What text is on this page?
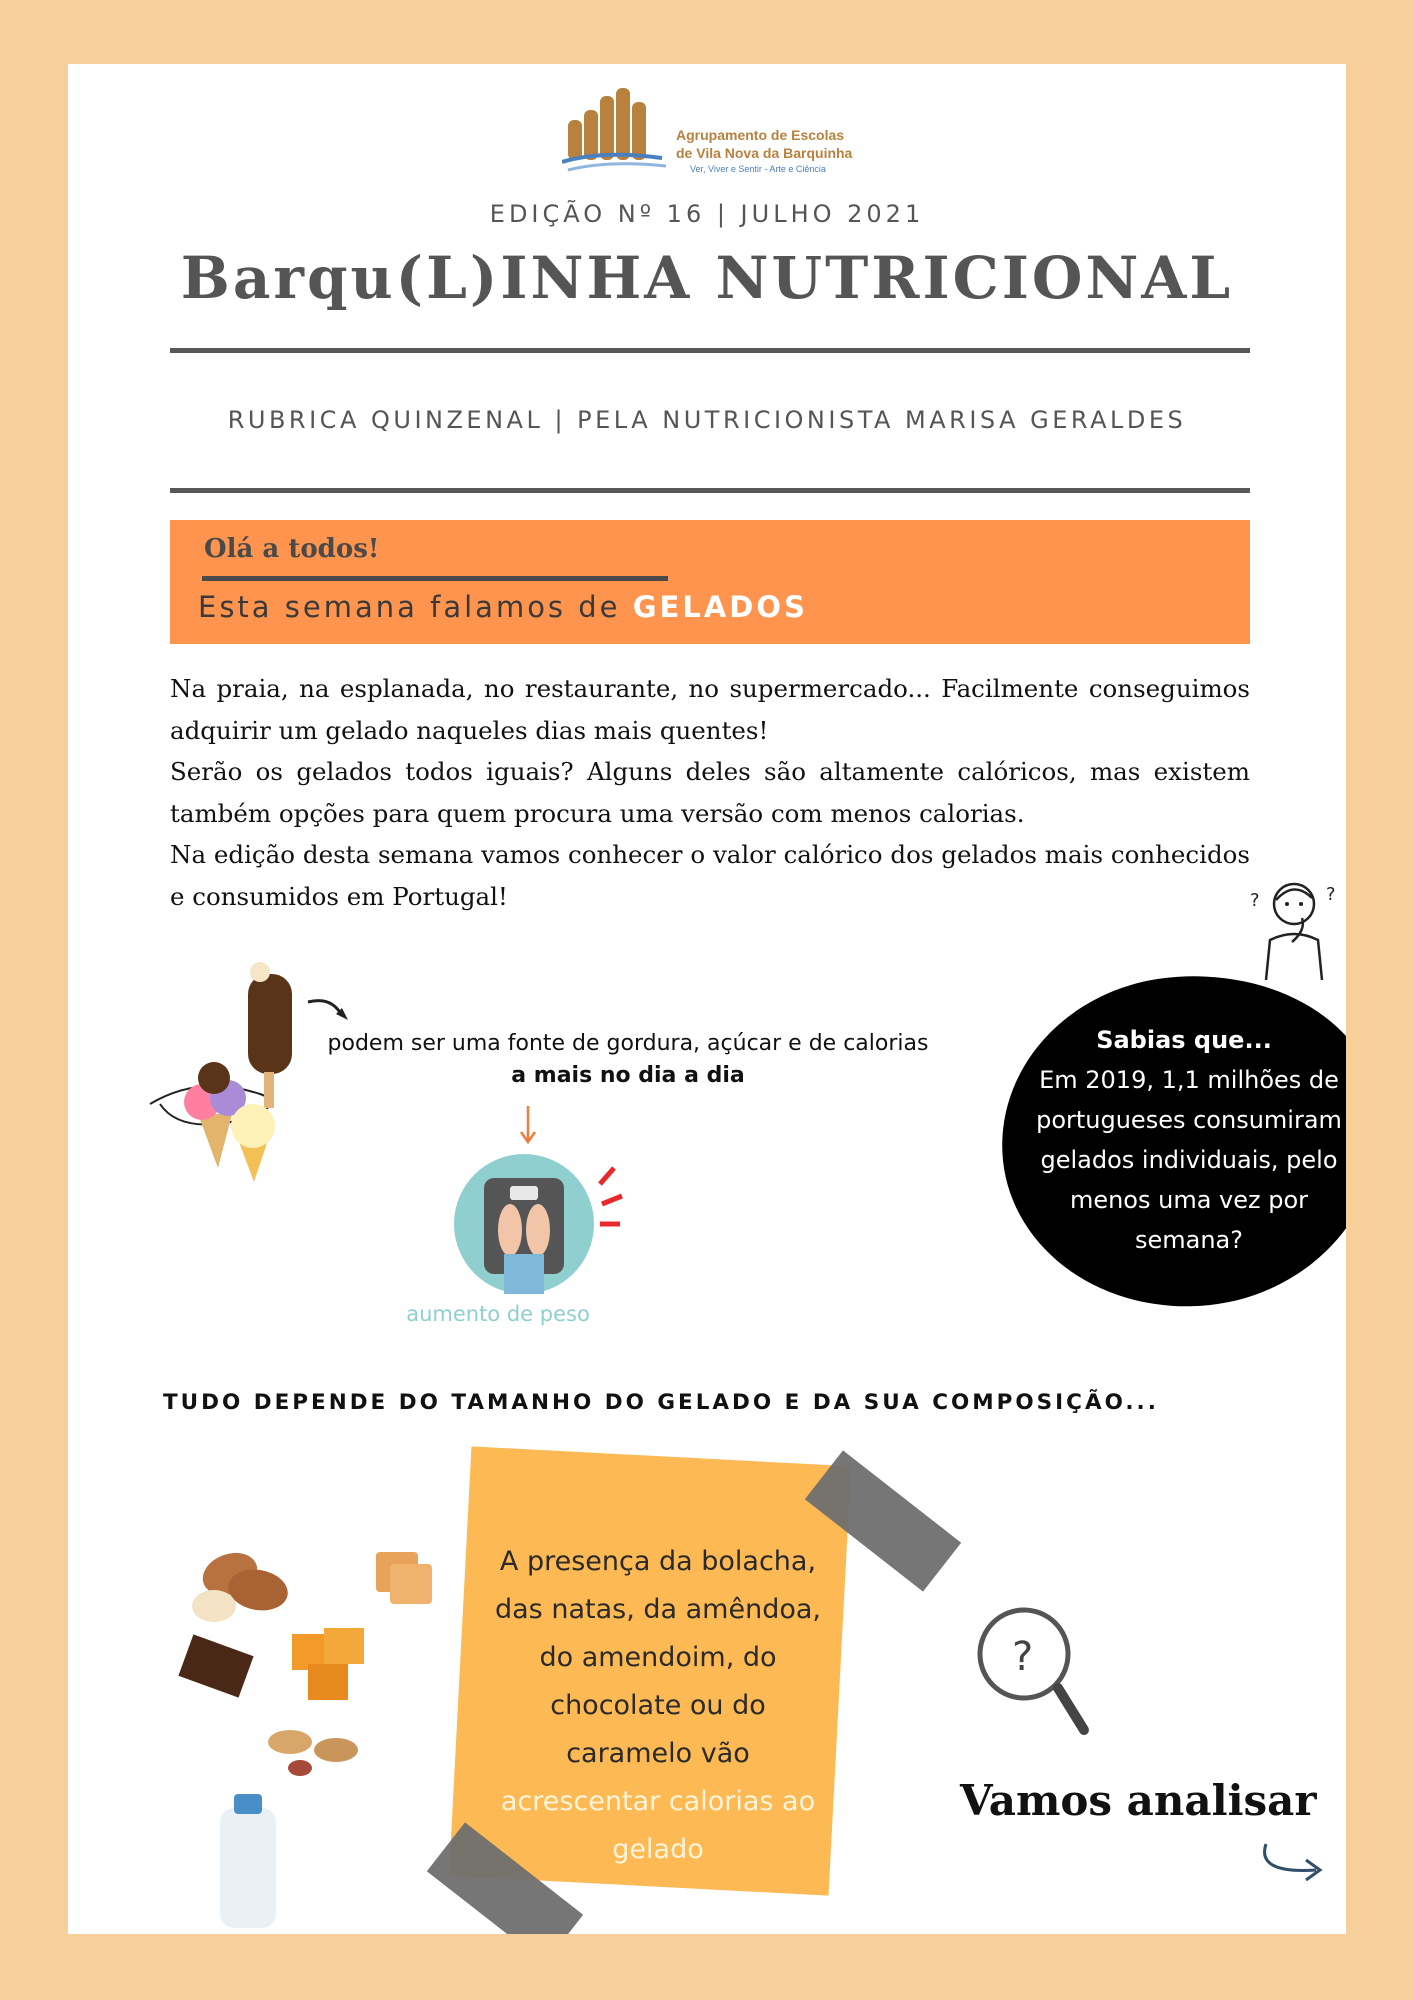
Agrupamento de Escolas
de Vila Nova da Barquinha
Ver, Viver e Sentir - Arte e Ciência
EDIÇÃO Nº 16 | JULHO 2021
Barqu(L)INHA NUTRICIONAL
RUBRICA QUINZENAL | PELA NUTRICIONISTA MARISA GERALDES
Olá a todos!
Esta semana falamos de GELADOS

Na praia, na esplanada, no restaurante, no supermercado... Facilmente conseguimos adquirir um gelado naqueles dias mais quentes!

Serão os gelados todos iguais? Alguns deles são altamente calóricos, mas existem também opções para quem procura uma versão com menos calorias.

Na edição desta semana vamos conhecer o valor calórico dos gelados mais conhecidos e consumidos em Portugal!	?	?
podem ser uma fonte de gordura, açúcar e de calorias
a mais no dia a dia
aumento de peso
Sabias que...
Em 2019, 1,1 milhões de portugueses consumiram gelados individuais, pelo menos uma vez por semana?
TUDO DEPENDE DO TAMANHO DO GELADO E DA SUA COMPOSIÇÃO...
A presença da bolacha, das natas, da amêndoa, do amendoim, do chocolate ou do caramelo vão acrescentar calorias ao gelado
?
Vamos analisar
